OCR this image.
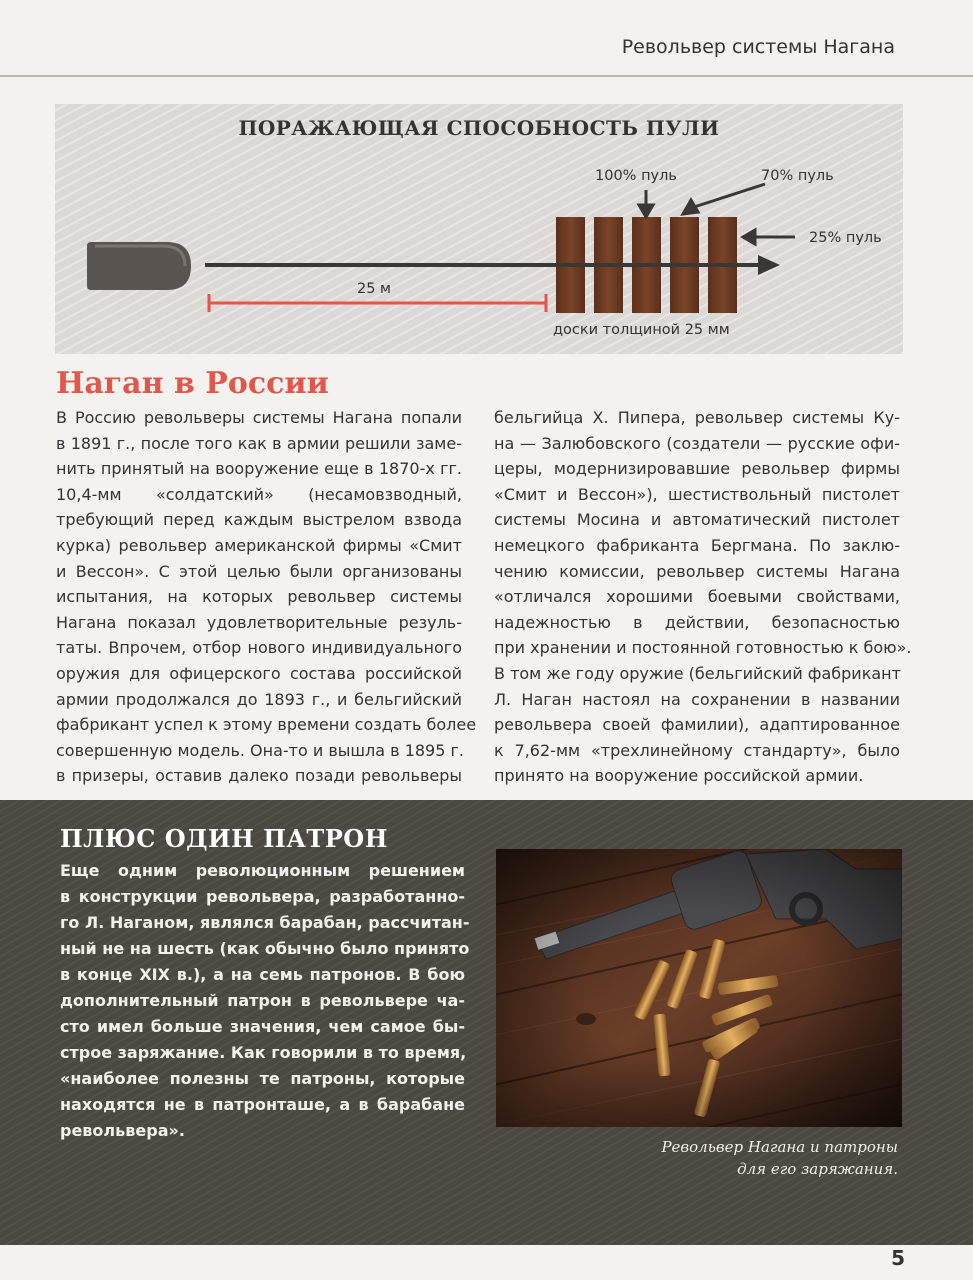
Револьвер системы Нагана
ПОРАЖАЮЩАЯ СПОСОБНОСТЬ ПУЛИ
100% пуль	70% пуль
25% пуль
25 м
доски толщиной 25 мм
Наган в России
В Россию револьверы системы Нагана попали
в 1891 г., после того как в армии решили заме-
нить принятый на вооружение еще в 1870-х гг.
10,4-мм «солдатский» (несамовзводный,
требующий перед каждым выстрелом взвода
курка) револьвер американской фирмы «Смит
и Вессон». С этой целью были организованы
испытания, на которых револьвер системы
Нагана показал удовлетворительные резуль-
таты. Впрочем, отбор нового индивидуального
оружия для офицерского состава российской
армии продолжался до 1893 г., и бельгийский
фабрикант успел к этому времени создать более
совершенную модель. Она-то и вышла в 1895 г.
в призеры, оставив далеко позади револьверы
бельгийца Х. Пипера, револьвер системы Ку-
на — Залюбовского (создатели — русские офи-
церы, модернизировавшие револьвер фирмы
«Смит и Вессон»), шестиствольный пистолет
системы Мосина и автоматический пистолет
немецкого фабриканта Бергмана. По заклю-
чению комиссии, револьвер системы Нагана
«отличался хорошими боевыми свойствами,
надежностью в действии, безопасностью
при хранении и постоянной готовностью к бою».
В том же году оружие (бельгийский фабрикант
Л. Наган настоял на сохранении в названии
револьвера своей фамилии), адаптированное
к 7,62-мм «трехлинейному стандарту», было
принято на вооружение российской армии.
ПЛЮС ОДИН ПАТРОН
Еще одним революционным решением
в конструкции револьвера, разработанно-
го Л. Наганом, являлся барабан, рассчитан-
ный не на шесть (как обычно было принято
в конце XIX в.), а на семь патронов. В бою
дополнительный патрон в револьвере ча-
сто имел больше значения, чем самое бы-
строе заряжание. Как говорили в то время,
«наиболее полезны те патроны, которые
находятся не в патронташе, а в барабане
револьвера».
Револьвер Нагана и патроны
для его заряжания.
5
